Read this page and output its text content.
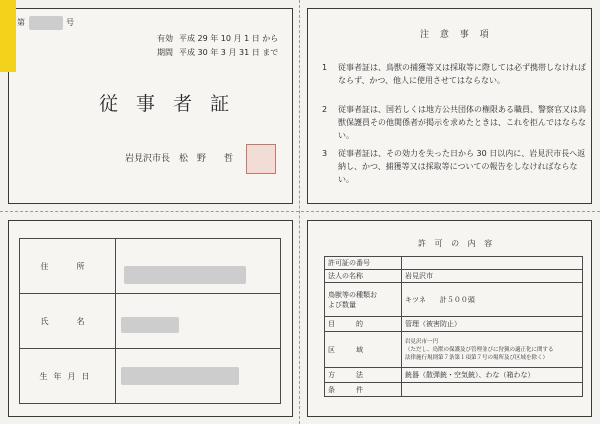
第	号
有効 平成 29 年 10 月 1 日 から
期間 平成 30 年 3 月 31 日 まで
従 事 者 証
岩見沢市長　松　野　　哲
注 意 事 項
1 従事者証は、鳥獣の捕獲等又は採取等に際しては必ず携帯しなければならず、かつ、他人に使用させてはならない。
2 従事者証は、国若しくは地方公共団体の権限ある職員、警察官又は鳥獣保護員その他関係者が掲示を求めたときは、これを拒んではならない。
3 従事者証は、その効力を失った日から 30 日以内に、岩見沢市長へ返納し、かつ、捕獲等又は採取等についての報告をしなければならない。
住　所	
氏　名	
生年月日	
許 可 の 内 容
許可証の番号	
法人の名称	岩見沢市
鳥獣等の種類お
よび数量	キツネ　　計５００頭
目　　　的	管理（被害防止）
区　　　域	岩見沢市一円
（ただし、鳥獣の保護及び管理並びに狩猟の適正化に関する
法律施行規則第７条第１項第７号の場所及び区域を除く）
方　　　法	銃器（散弾銃・空気銃）、わな（箱わな）
条　　　件	
